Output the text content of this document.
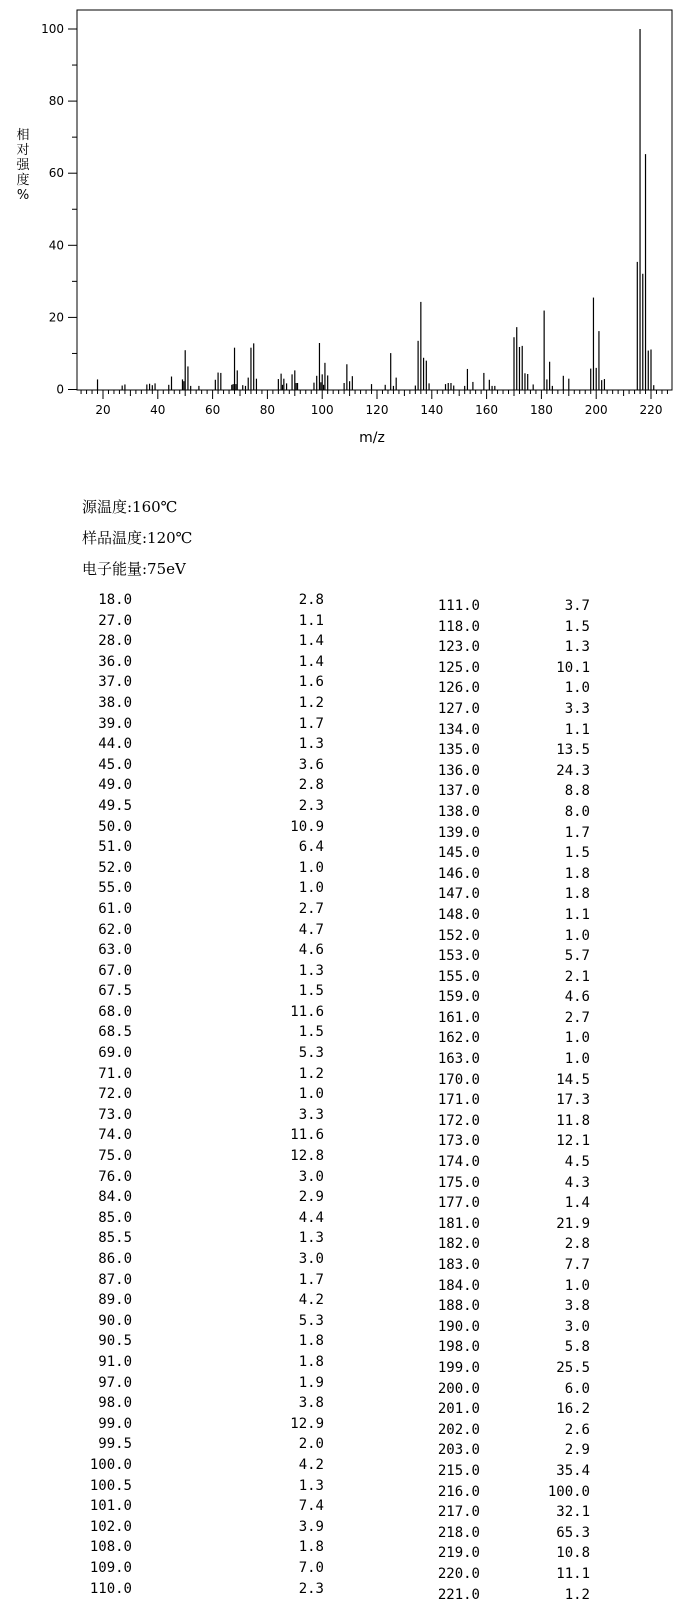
20	40	60	80	100	120	140	160	180	200	220
0
20
40
60
80
100
m/z
相
对
强
度
%
源温度:160℃
样品温度:120℃
电子能量:75eV
18.0	2.8
27.0	1.1
28.0	1.4
36.0	1.4
37.0	1.6
38.0	1.2
39.0	1.7
44.0	1.3
45.0	3.6
49.0	2.8
49.5	2.3
50.0	10.9
51.0	6.4
52.0	1.0
55.0	1.0
61.0	2.7
62.0	4.7
63.0	4.6
67.0	1.3
67.5	1.5
68.0	11.6
68.5	1.5
69.0	5.3
71.0	1.2
72.0	1.0
73.0	3.3
74.0	11.6
75.0	12.8
76.0	3.0
84.0	2.9
85.0	4.4
85.5	1.3
86.0	3.0
87.0	1.7
89.0	4.2
90.0	5.3
90.5	1.8
91.0	1.8
97.0	1.9
98.0	3.8
99.0	12.9
99.5	2.0
100.0	4.2
100.5	1.3
101.0	7.4
102.0	3.9
108.0	1.8
109.0	7.0
110.0	2.3
111.0	3.7
118.0	1.5
123.0	1.3
125.0	10.1
126.0	1.0
127.0	3.3
134.0	1.1
135.0	13.5
136.0	24.3
137.0	8.8
138.0	8.0
139.0	1.7
145.0	1.5
146.0	1.8
147.0	1.8
148.0	1.1
152.0	1.0
153.0	5.7
155.0	2.1
159.0	4.6
161.0	2.7
162.0	1.0
163.0	1.0
170.0	14.5
171.0	17.3
172.0	11.8
173.0	12.1
174.0	4.5
175.0	4.3
177.0	1.4
181.0	21.9
182.0	2.8
183.0	7.7
184.0	1.0
188.0	3.8
190.0	3.0
198.0	5.8
199.0	25.5
200.0	6.0
201.0	16.2
202.0	2.6
203.0	2.9
215.0	35.4
216.0	100.0
217.0	32.1
218.0	65.3
219.0	10.8
220.0	11.1
221.0	1.2
